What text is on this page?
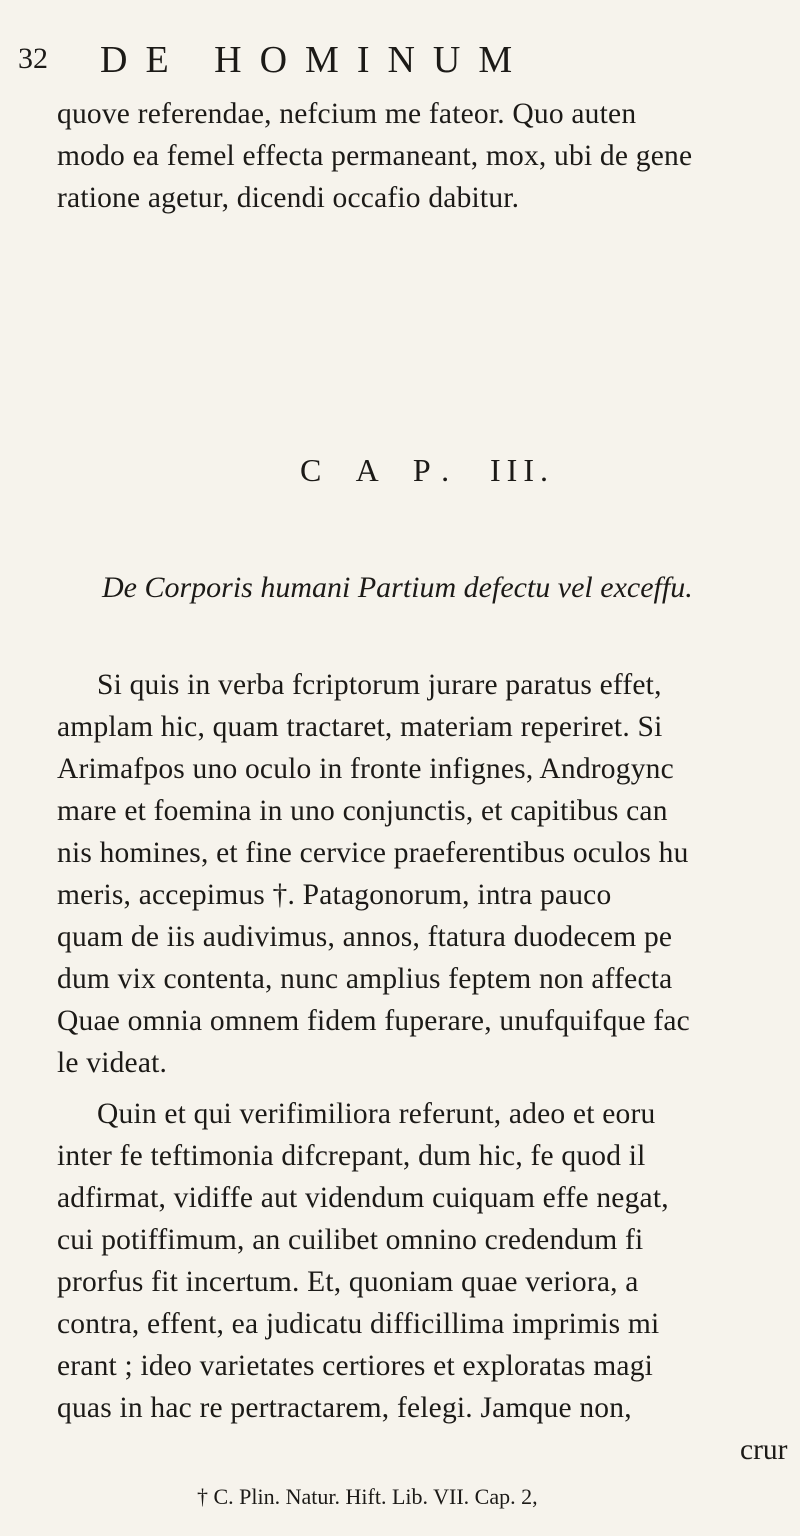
32 DE HOMINUM
quove referendae, nefcium me fateor. Quo auten
modo ea femel effecta permaneant, mox, ubi de gene
ratione agetur, dicendi occafio dabitur.
C A P. III.
De Corporis humani Partium defectu vel exceffu.
Si quis in verba fcriptorum jurare paratus effet,
amplam hic, quam tractaret, materiam reperiret. Si
Arimafpos uno oculo in fronte infignes, Androgync
mare et foemina in uno conjunctis, et capitibus can
nis homines, et fine cervice praeferentibus oculos hu
meris, accepimus †. Patagonorum, intra pauco
quam de iis audivimus, annos, ftatura duodecem pe
dum vix contenta, nunc amplius feptem non affecta
Quae omnia omnem fidem fuperare, unufquifque fac
le videat.
Quin et qui verifimiliora referunt, adeo et eoru
inter fe teftimonia difcrepant, dum hic, fe quod il
adfirmat, vidiffe aut videndum cuiquam effe negat,
cui potiffimum, an cuilibet omnino credendum fi
prorfus fit incertum. Et, quoniam quae veriora, a
contra, effent, ea judicatu difficillima imprimis mi
erant ; ideo varietates certiores et exploratas magi
quas in hac re pertractarem, felegi. Jamque non,
crur
† C. Plin. Natur. Hift. Lib. VII. Cap. 2,
